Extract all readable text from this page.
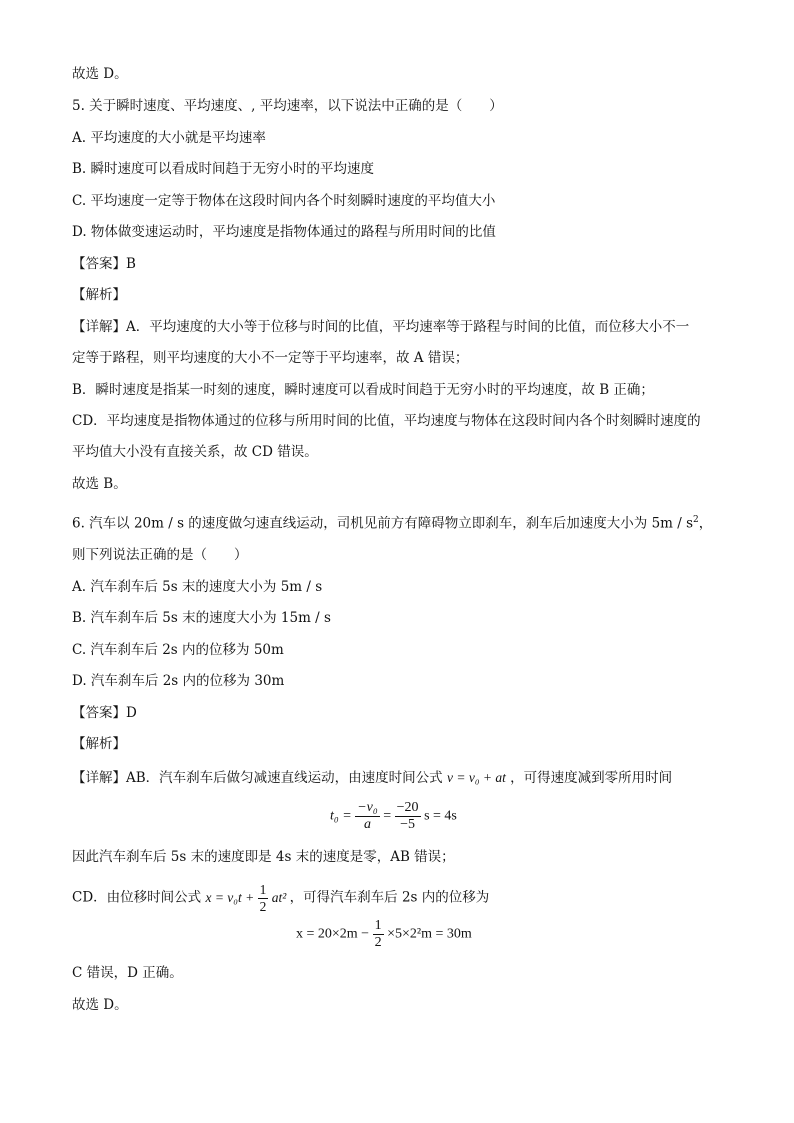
故选 D。
5. 关于瞬时速度、平均速度、, 平均速率，以下说法中正确的是（　　）
A. 平均速度的大小就是平均速率
B. 瞬时速度可以看成时间趋于无穷小时的平均速度
C. 平均速度一定等于物体在这段时间内各个时刻瞬时速度的平均值大小
D. 物体做变速运动时，平均速度是指物体通过的路程与所用时间的比值
【答案】B
【解析】
【详解】A．平均速度的大小等于位移与时间的比值，平均速率等于路程与时间的比值，而位移大小不一
定等于路程，则平均速度的大小不一定等于平均速率，故 A 错误；
B．瞬时速度是指某一时刻的速度，瞬时速度可以看成时间趋于无穷小时的平均速度，故 B 正确；
CD．平均速度是指物体通过的位移与所用时间的比值，平均速度与物体在这段时间内各个时刻瞬时速度的
平均值大小没有直接关系，故 CD 错误。
故选 B。
6. 汽车以 20m / s 的速度做匀速直线运动，司机见前方有障碍物立即刹车，刹车后加速度大小为 $5m / s^2$，
则下列说法正确的是（　　）
A. 汽车刹车后 5s 末的速度大小为 5m / s
B. 汽车刹车后 5s 末的速度大小为 15m / s
C. 汽车刹车后 2s 内的位移为 50m
D. 汽车刹车后 2s 内的位移为 30m
【答案】D
【解析】
【详解】AB．汽车刹车后做匀减速直线运动，由速度时间公式 v = v₀ + at ，可得速度减到零所用时间
$t_0 = \frac{\text{−v₀}}{a} = \frac{-20}{-5}$ s = 4s
因此汽车刹车后 5s 末的速度即是 4s 末的速度是零，AB 错误；
CD．由位移时间公式 $x = v_0t + \frac{1}{2} at^2$ ，可得汽车刹车后 2s 内的位移为
$x = 20\times 2m - \frac{1}{2} \times 5\times 2^2m = 30m$
C 错误，D 正确。
故选 D。
